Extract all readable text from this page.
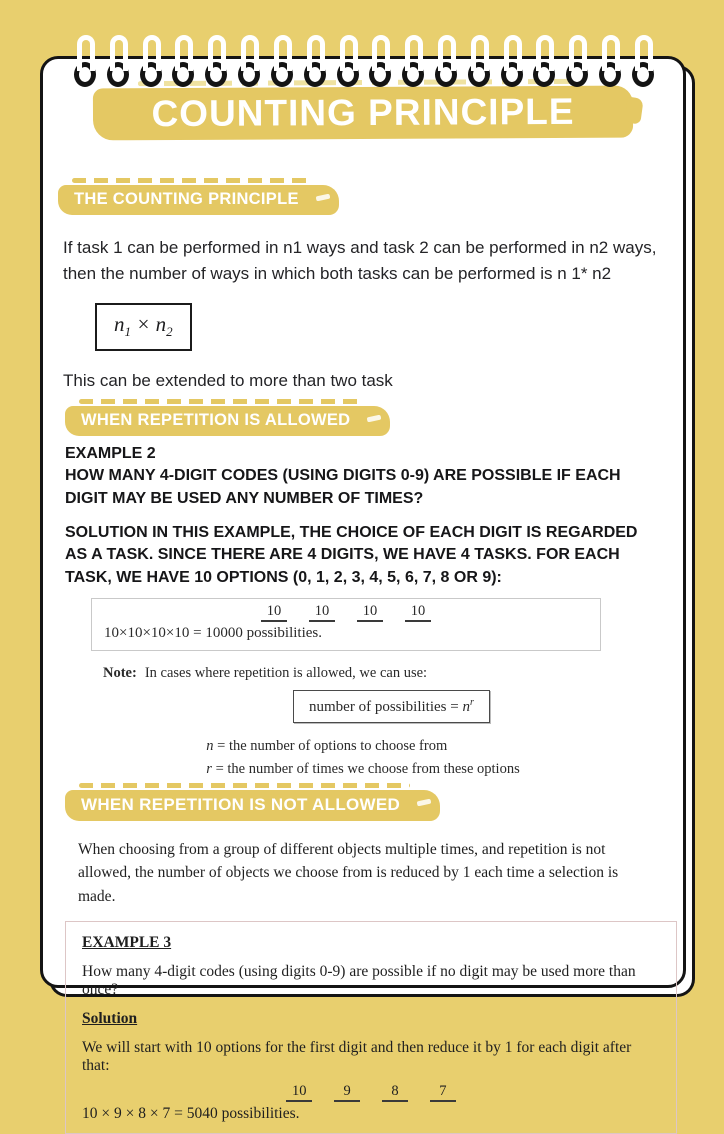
COUNTING PRINCIPLE
THE COUNTING PRINCIPLE

If task 1 can be performed in n1 ways and task 2 can be performed in n2 ways, then the number of ways in which both tasks can be performed is n 1* n2

$n_1 \times n_2$

This can be extended to more than two task

WHEN REPETITION IS ALLOWED

EXAMPLE 2

HOW MANY 4-DIGIT CODES (USING DIGITS 0-9) ARE POSSIBLE IF EACH DIGIT MAY BE USED ANY NUMBER OF TIMES?

SOLUTION IN THIS EXAMPLE, THE CHOICE OF EACH DIGIT IS REGARDED AS A TASK. SINCE THERE ARE 4 DIGITS, WE HAVE 4 TASKS. FOR EACH TASK, WE HAVE 10 OPTIONS (0, 1, 2, 3, 4, 5, 6, 7, 8 OR 9):

10 10 10 10
10×10×10×10 = 10000 possibilities.

Note: In cases where repetition is allowed, we can use:

number of possibilities = $n^r$

n = the number of options to choose from

r = the number of times we choose from these options

WHEN REPETITION IS NOT ALLOWED

When choosing from a group of different objects multiple times, and repetition is not allowed, the number of objects we choose from is reduced by 1 each time a selection is made.

EXAMPLE 3

How many 4-digit codes (using digits 0-9) are possible if no digit may be used more than once?

Solution

We will start with 10 options for the first digit and then reduce it by 1 for each digit after that:

10	9	8	7

10 × 9 × 8 × 7 = 5040 possibilities.
